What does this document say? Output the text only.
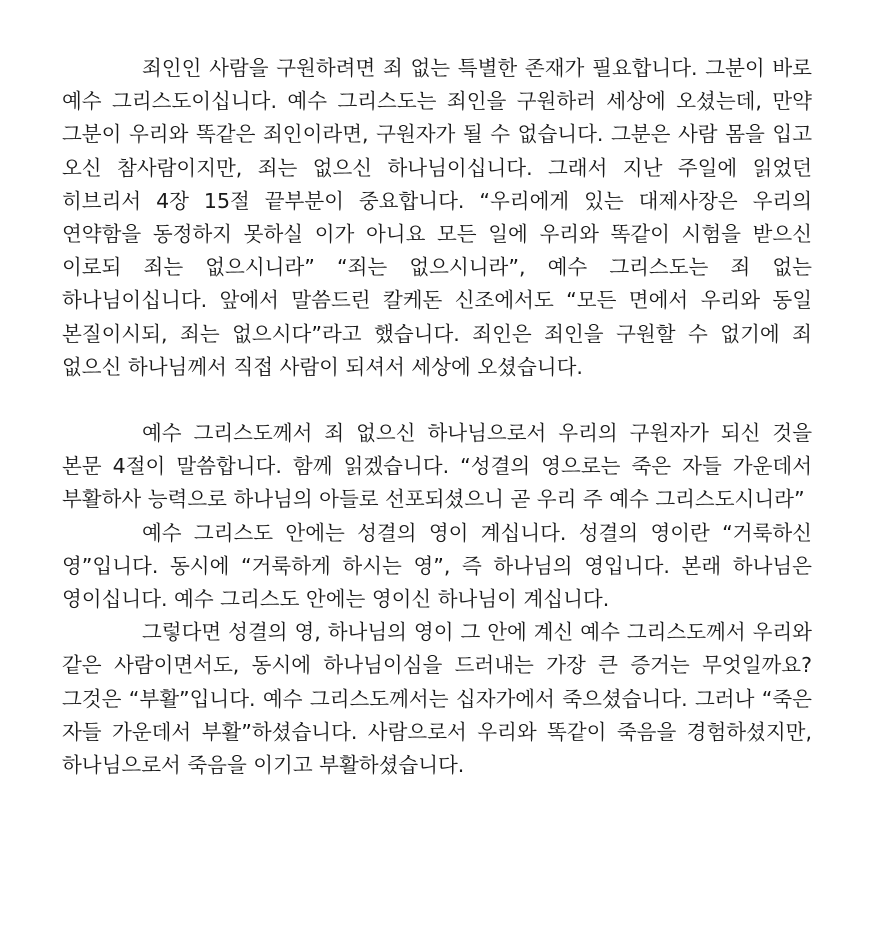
죄인인 사람을 구원하려면 죄 없는 특별한 존재가 필요합니다. 그분이 바로 예수 그리스도이십니다. 예수 그리스도는 죄인을 구원하러 세상에 오셨는데, 만약 그분이 우리와 똑같은 죄인이라면, 구원자가 될 수 없습니다. 그분은 사람 몸을 입고 오신 참사람이지만, 죄는 없으신 하나님이십니다. 그래서 지난 주일에 읽었던 히브리서 4장 15절 끝부분이 중요합니다. “우리에게 있는 대제사장은 우리의 연약함을 동정하지 못하실 이가 아니요 모든 일에 우리와 똑같이 시험을 받으신 이로되 죄는 없으시니라” “죄는 없으시니라”, 예수 그리스도는 죄 없는 하나님이십니다. 앞에서 말씀드린 칼케돈 신조에서도 “모든 면에서 우리와 동일 본질이시되, 죄는 없으시다”라고 했습니다. 죄인은 죄인을 구원할 수 없기에 죄 없으신 하나님께서 직접 사람이 되셔서 세상에 오셨습니다.

예수 그리스도께서 죄 없으신 하나님으로서 우리의 구원자가 되신 것을 본문 4절이 말씀합니다. 함께 읽겠습니다. “성결의 영으로는 죽은 자들 가운데서 부활하사 능력으로 하나님의 아들로 선포되셨으니 곧 우리 주 예수 그리스도시니라”

예수 그리스도 안에는 성결의 영이 계십니다. 성결의 영이란 “거룩하신 영”입니다. 동시에 “거룩하게 하시는 영”, 즉 하나님의 영입니다. 본래 하나님은 영이십니다. 예수 그리스도 안에는 영이신 하나님이 계십니다.

그렇다면 성결의 영, 하나님의 영이 그 안에 계신 예수 그리스도께서 우리와 같은 사람이면서도, 동시에 하나님이심을 드러내는 가장 큰 증거는 무엇일까요? 그것은 “부활”입니다. 예수 그리스도께서는 십자가에서 죽으셨습니다. 그러나 “죽은 자들 가운데서 부활”하셨습니다. 사람으로서 우리와 똑같이 죽음을 경험하셨지만, 하나님으로서 죽음을 이기고 부활하셨습니다.
